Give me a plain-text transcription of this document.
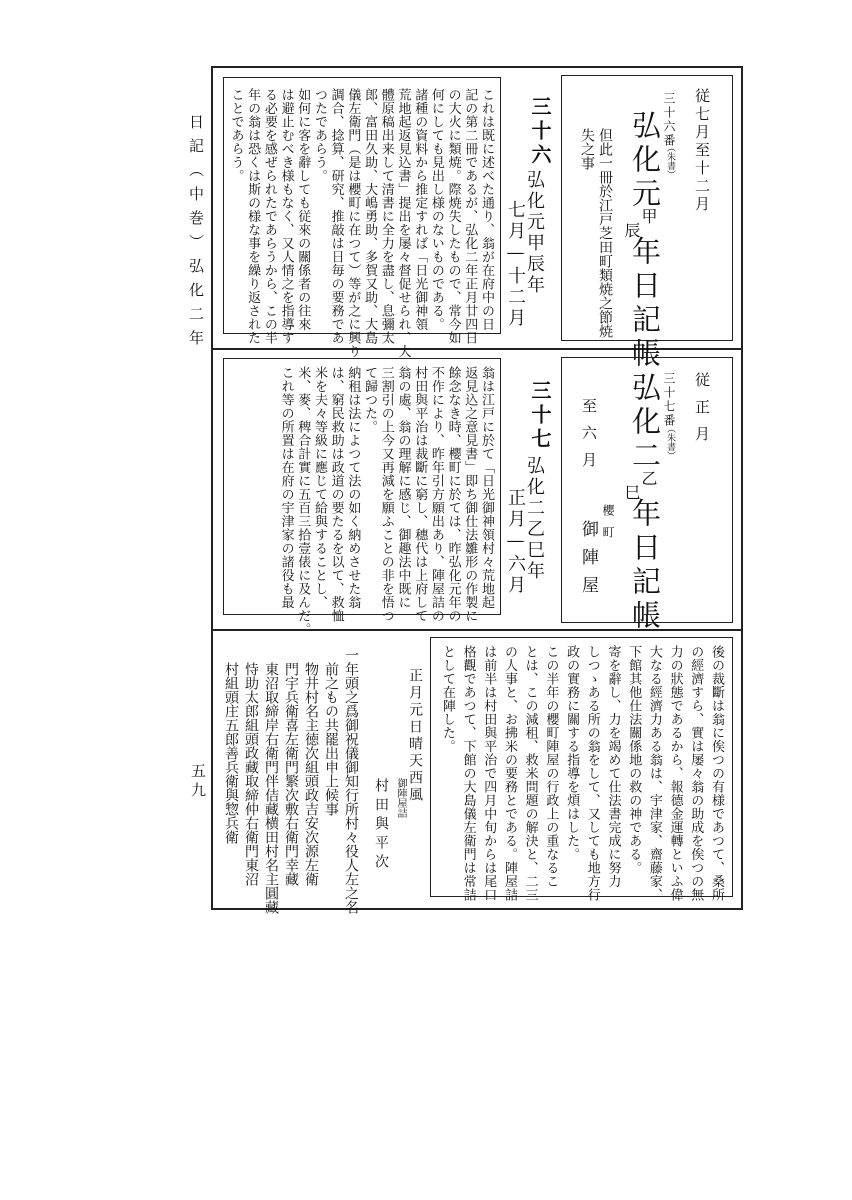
日記（中巻）弘化二年
五九
従七月至十二月
三十六番
（朱書）
弘化元
甲
辰
年日記帳
但此一冊於江戸芝田町類焼之節焼
失之事
三十六
弘化元甲辰年
七月—十二月

これは既に述べた通り、翁が在府中の日

記の第二冊であるが、弘化二年正月廿四日

の大火に類焼。際焼失したもので、常今如

何にしても見出し様のないものである。

諸種の資料から推定すれば「日光御神領

荒地起返見込書」提出を屡々督促せられ、大

體原稿出来して清書に全力を盡し、息彌太

郎、富田久助、大嶋勇助、多賀又助、大島

儀左衛門（是は櫻町に在つて）等が之に興り

調合、捻算、研究、推敲は日毎の要務であ

つたであらう。

如何に客を辭しても従來の關係者の往來

は避止むべき様もなく、又人情之を指導す

る必要を感ぜられたであらうから、この半

年の翁は恐くは斯の様な事を繰り返された

ことであらう。

従正月
至六月	三十七番
（朱書）
弘化二
乙
巳
年日記帳
櫻町
御陣屋
三十七
弘化二乙巳年
正月—六月

翁は江戸に於て「日光御神領村々荒地起

返見込之意見書」即ち御仕法雛形の作製に

餘念なき時、櫻町に於ては、昨弘化元年の

不作により、昨年引方願出あり、陣屋詰の

村田與平治は裁斷に窮し、穗代は上府して

翁の處、翁の理解に感じ、御趣法中既に

三割引の上今又再減を願ふことの非を悟つ

て歸つた。

納租は法によつて法の如く納めさせた翁

は、窮民救助は政道の要たるを以て、救恤

米を夫々等級に應じて給與することし、

米、麥、稗合計實に五百三拾壹俵に及んだ。

これ等の所置は在府の宇津家の諸役も最

後の裁斷は翁に俟つの有様であつて、桑所

の經濟すら、實は屡々翁の助成を俟つの無

力の狀態であるから、報德金運轉といふ偉

大なる經濟力ある翁は、宇津家、齋藤家、

下館其他仕法關係地の救の神である。

寄を辭し、力を竭めて仕法書完成に努力

しつゝある所の翁をして、又しても地方行

政の實務に關する指導を煩はした。

この半年の櫻町陣屋の行政上の重なるこ

とは、この減租、救米問題の解決と、二三

の人事と、お拂米の要務とである。陣屋詰

は前半は村田與平治で四月中旬からは尾口

格觀であつて、下館の大島儀左衛門は常詰

として在陣した。

正月元日晴天西風
御陣屋詰
村田與平次

一年頭之爲御祝儀御知行所村々役人左之名

前之もの共罷出申上候事

物井村名主徳次組頭政吉安次源左衛

門宇兵衛喜左衛門繁次敷右衛門幸藏

東沼取締岸右衛門伴佶藏横田村名主圓藏

恃助太郎組頭政藏取締仲右衛門東沼

村組頭庄五郎善兵衛與惣兵衛
